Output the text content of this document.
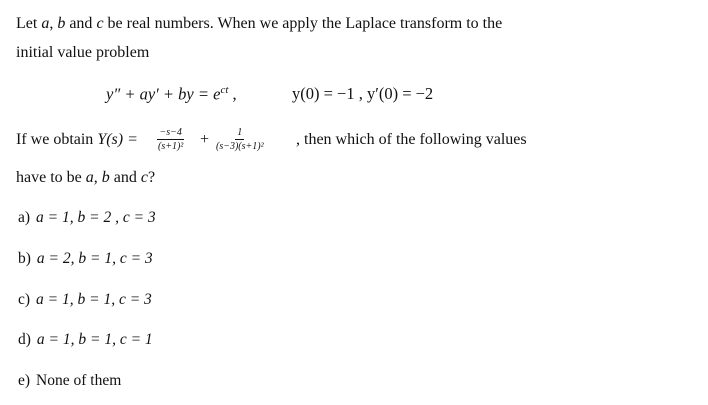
Let a, b and c be real numbers. When we apply the Laplace transform to the
initial value problem
y″ + ay′ + by = $e^{ct}$ ,	y(0) = −1 , y′(0) = −2
If we obtain $Y(s) = \frac{-s-4}{\text{(s+1)²}} + \frac{1}{\text{(s−3)(s+1)²}}$ , then which of the following values
have to be a, b and c?
a) a = 1, b = 2 , c = 3
b) a = 2, b = 1, c = 3
c) a = 1, b = 1, c = 3
d) a = 1, b = 1, c = 1
e) None of them
